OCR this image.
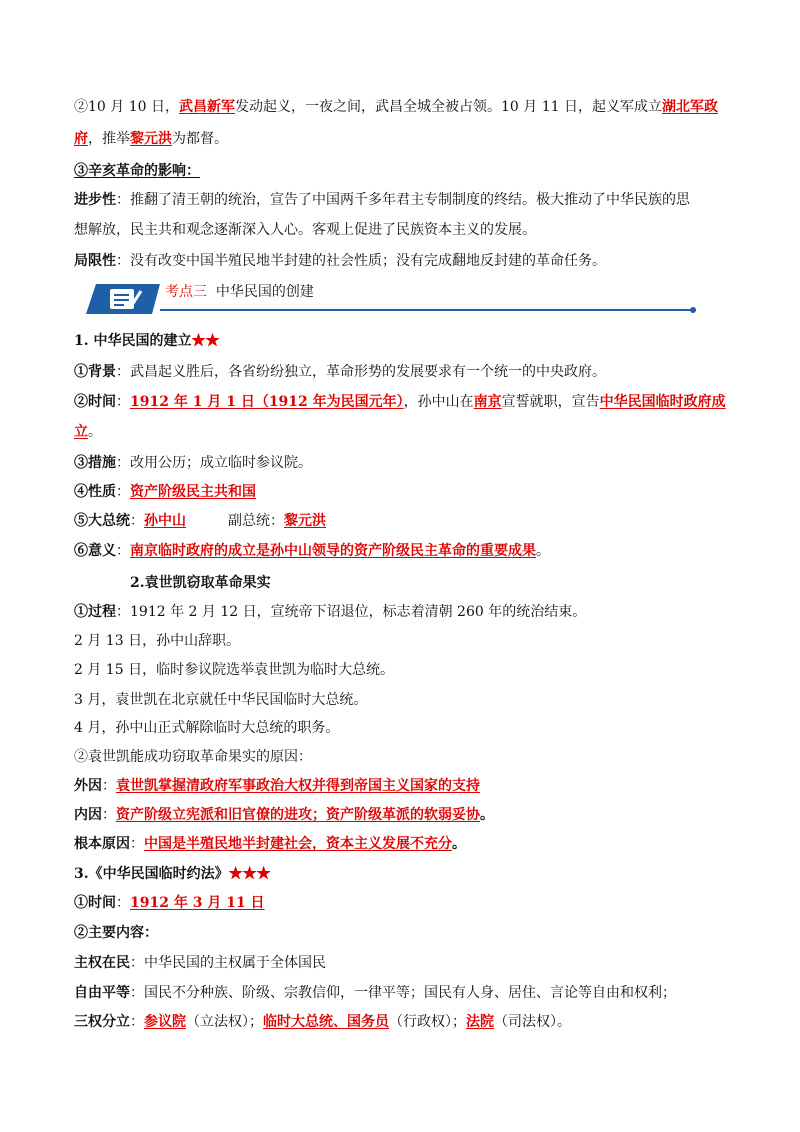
②10 月 10 日，武昌新军发动起义，一夜之间，武昌全城全被占领。10 月 11 日，起义军成立湖北军政
府，推举黎元洪为都督。
③辛亥革命的影响：
进步性：推翻了清王朝的统治，宣告了中国两千多年君主专制制度的终结。极大推动了中华民族的思
想解放，民主共和观念逐渐深入人心。客观上促进了民族资本主义的发展。
局限性：没有改变中国半殖民地半封建的社会性质；没有完成翻地反封建的革命任务。
考点三 中华民国的创建
1. 中华民国的建立★★
①背景：武昌起义胜后，各省纷纷独立，革命形势的发展要求有一个统一的中央政府。
②时间：1912 年 1 月 1 日（1912 年为民国元年），孙中山在南京宣誓就职，宣告中华民国临时政府成
立。
③措施：改用公历；成立临时参议院。
④性质：资产阶级民主共和国
⑤大总统：孙中山	副总统：黎元洪
⑥意义：南京临时政府的成立是孙中山领导的资产阶级民主革命的重要成果。
2.袁世凯窃取革命果实
①过程：1912 年 2 月 12 日，宣统帝下诏退位，标志着清朝 260 年的统治结束。
2 月 13 日，孙中山辞职。
2 月 15 日，临时参议院选举袁世凯为临时大总统。
3 月，袁世凯在北京就任中华民国临时大总统。
4 月，孙中山正式解除临时大总统的职务。
②袁世凯能成功窃取革命果实的原因：
外因：袁世凯掌握清政府军事政治大权并得到帝国主义国家的支持
内因：资产阶级立宪派和旧官僚的进攻；资产阶级革派的软弱妥协。
根本原因：中国是半殖民地半封建社会，资本主义发展不充分。
3.《中华民国临时约法》★★★
①时间：1912 年 3 月 11 日
②主要内容：
主权在民：中华民国的主权属于全体国民
自由平等：国民不分种族、阶级、宗教信仰，一律平等；国民有人身、居住、言论等自由和权利；
三权分立：参议院（立法权）；临时大总统、国务员（行政权）；法院（司法权）。
